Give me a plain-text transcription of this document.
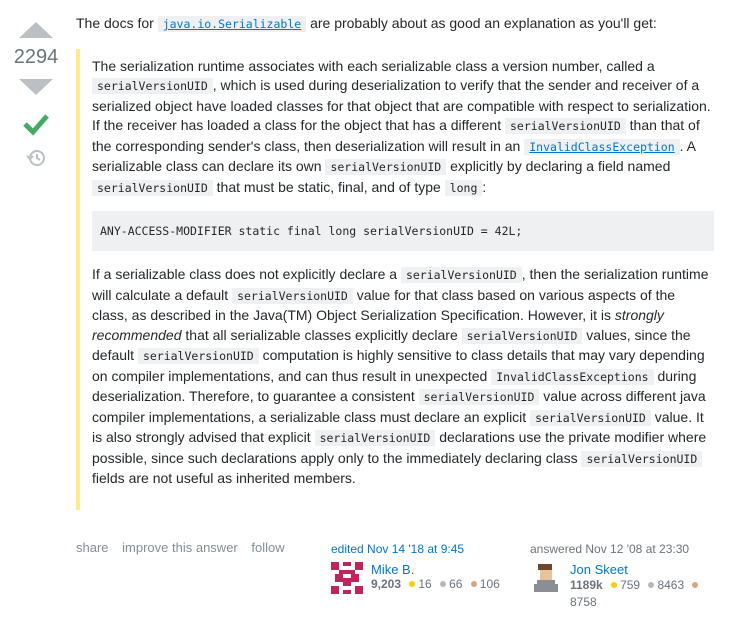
2294

The docs for java.io.Serializable are probably about as good an explanation as you'll get:

The serialization runtime associates with each serializable class a version number, called a serialVersionUID , which is used during deserialization to verify that the sender and receiver of a serialized object have loaded classes for that object that are compatible with respect to serialization. If the receiver has loaded a class for the object that has a different serialVersionUID than that of the corresponding sender's class, then deserialization will result in an InvalidClassException . A serializable class can declare its own serialVersionUID explicitly by declaring a field named serialVersionUID that must be static, final, and of type long :

ANY-ACCESS-MODIFIER static final long serialVersionUID = 42L;

If a serializable class does not explicitly declare a serialVersionUID , then the serialization runtime will calculate a default serialVersionUID value for that class based on various aspects of the class, as described in the Java(TM) Object Serialization Specification. However, it is strongly recommended that all serializable classes explicitly declare serialVersionUID values, since the default serialVersionUID computation is highly sensitive to class details that may vary depending on compiler implementations, and can thus result in unexpected InvalidClassExceptions during deserialization. Therefore, to guarantee a consistent serialVersionUID value across different java compiler implementations, a serializable class must declare an explicit serialVersionUID value. It is also strongly advised that explicit serialVersionUID declarations use the private modifier where possible, since such declarations apply only to the immediately declaring class serialVersionUID fields are not useful as inherited members.

share improve this answer follow	edited Nov 14 '18 at 9:45
Mike B.
9,203 16 66 106
answered Nov 12 '08 at 23:30
Jon Skeet
1189k 759 8463 8758
